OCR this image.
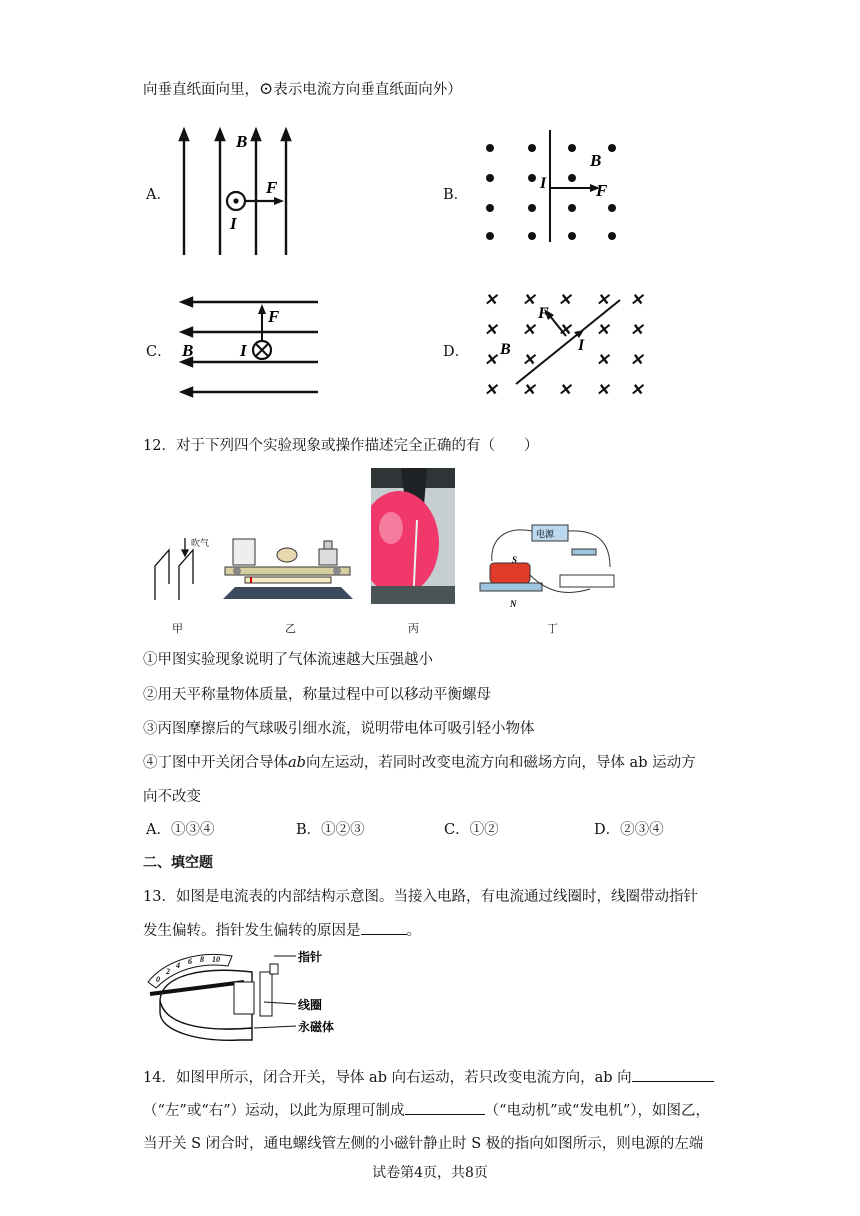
向垂直纸面向里，⊙表示电流方向垂直纸面向外）
A．
B
F
I
B．
B
I	F
C．
F
B	I	D．
✕ ✕ ✕ ✕ ✕
✕ ✕ ✕ ✕ ✕
✕ ✕	✕ ✕
✕ ✕ ✕ ✕ ✕
F
B	I
12．对于下列四个实验现象或操作描述完全正确的有（　　）
吹气
电源
S
N
甲	乙	丙	丁
①甲图实验现象说明了气体流速越大压强越小
②用天平称量物体质量，称量过程中可以移动平衡螺母
③丙图摩擦后的气球吸引细水流，说明带电体可吸引轻小物体
④丁图中开关闭合导体ab向左运动，若同时改变电流方向和磁场方向，导体 ab 运动方
向不改变
A．①③④	B．①②③	C．①②	D．②③④
二、填空题
13．如图是电流表的内部结构示意图。当接入电路，有电流通过线圈时，线圈带动指针
发生偏转。指针发生偏转的原因是	。
0
2
4 6 8 10	指针
线圈
永磁体
14．如图甲所示，闭合开关，导体 ab 向右运动，若只改变电流方向，ab 向
（“左”或“右”）运动，以此为原理可制成	（“电动机”或“发电机”），如图乙，
当开关 S 闭合时，通电螺线管左侧的小磁针静止时 S 极的指向如图所示，则电源的左端
试卷第4页，共8页
